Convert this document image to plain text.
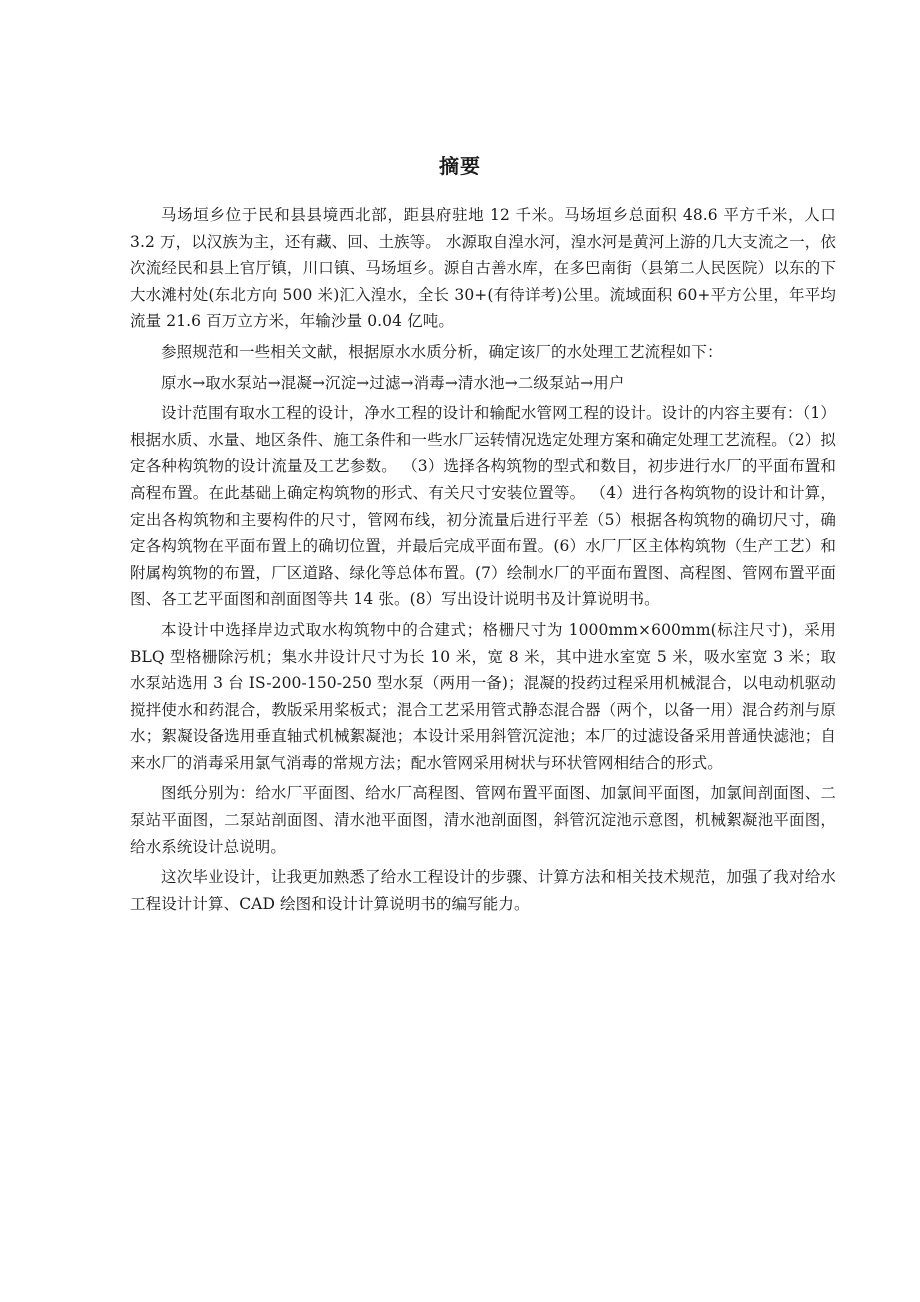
摘要

马场垣乡位于民和县县境西北部，距县府驻地 12 千米。马场垣乡总面积 48.6 平方千米，人口 3.2 万，以汉族为主，还有藏、回、土族等。 水源取自湟水河，湟水河是黄河上游的几大支流之一，依次流经民和县上官厅镇，川口镇、马场垣乡。源自古善水库，在多巴南街（县第二人民医院）以东的下大水滩村处(东北方向 500 米)汇入湟水，全长 30+(有待详考)公里。流域面积 60+平方公里，年平均流量 21.6 百万立方米，年输沙量 0.04 亿吨。

参照规范和一些相关文献，根据原水水质分析，确定该厂的水处理工艺流程如下：

原水→取水泵站→混凝→沉淀→过滤→消毒→清水池→二级泵站→用户

设计范围有取水工程的设计，净水工程的设计和输配水管网工程的设计。设计的内容主要有：（1）根据水质、水量、地区条件、施工条件和一些水厂运转情况选定处理方案和确定处理工艺流程。（2）拟定各种构筑物的设计流量及工艺参数。 （3）选择各构筑物的型式和数目，初步进行水厂的平面布置和高程布置。在此基础上确定构筑物的形式、有关尺寸安装位置等。 （4）进行各构筑物的设计和计算，定出各构筑物和主要构件的尺寸，管网布线，初分流量后进行平差（5）根据各构筑物的确切尺寸，确定各构筑物在平面布置上的确切位置，并最后完成平面布置。(6）水厂厂区主体构筑物（生产工艺）和附属构筑物的布置，厂区道路、绿化等总体布置。(7）绘制水厂的平面布置图、高程图、管网布置平面图、各工艺平面图和剖面图等共 14 张。(8）写出设计说明书及计算说明书。

本设计中选择岸边式取水构筑物中的合建式；格栅尺寸为 1000mm×600mm(标注尺寸)，采用 BLQ 型格栅除污机；集水井设计尺寸为长 10 米，宽 8 米，其中进水室宽 5 米，吸水室宽 3 米；取水泵站选用 3 台 IS-200-150-250 型水泵（两用一备)；混凝的投药过程采用机械混合，以电动机驱动搅拌使水和药混合，教版采用桨板式；混合工艺采用管式静态混合器（两个，以备一用）混合药剂与原水；絮凝设备选用垂直轴式机械絮凝池；本设计采用斜管沉淀池；本厂的过滤设备采用普通快滤池；自来水厂的消毒采用氯气消毒的常规方法；配水管网采用树状与环状管网相结合的形式。

图纸分别为：给水厂平面图、给水厂高程图、管网布置平面图、加氯间平面图，加氯间剖面图、二泵站平面图，二泵站剖面图、清水池平面图，清水池剖面图，斜管沉淀池示意图，机械絮凝池平面图，给水系统设计总说明。

这次毕业设计，让我更加熟悉了给水工程设计的步骤、计算方法和相关技术规范，加强了我对给水工程设计计算、CAD 绘图和设计计算说明书的编写能力。
